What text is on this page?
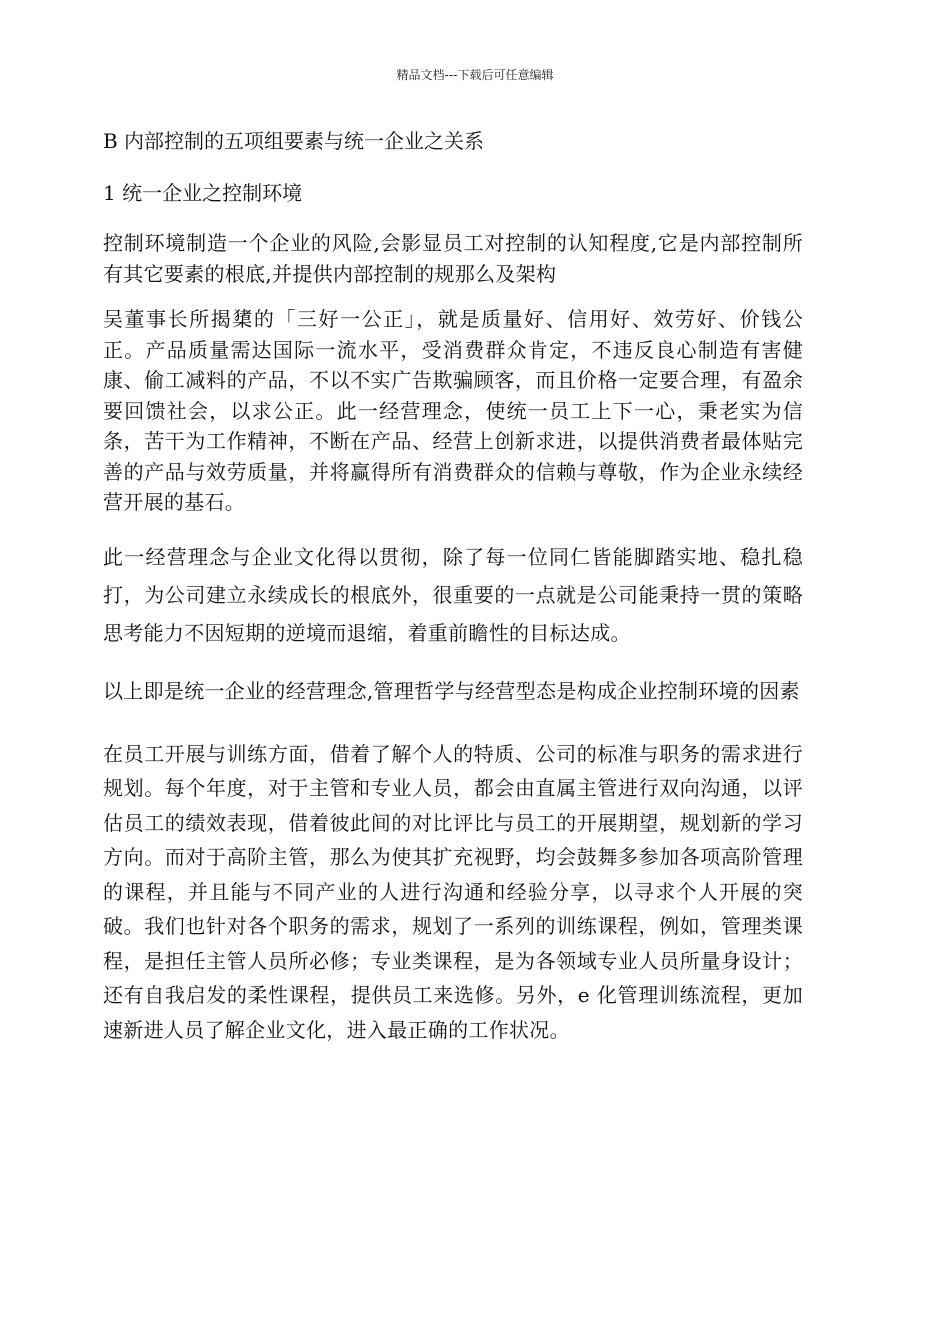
精品文档---下载后可任意编辑

B 内部控制的五项组要素与统一企业之关系

1 统一企业之控制环境

控制环境制造一个企业的风险,会影显员工对控制的认知程度,它是内部控制所有其它要素的根底,并提供内部控制的规那么及架构

吴董事长所揭橥的「三好一公正」，就是质量好、信用好、效劳好、价钱公正。产品质量需达国际一流水平，受消费群众肯定，不违反良心制造有害健康、偷工减料的产品，不以不实广告欺骗顾客，而且价格一定要合理，有盈余要回馈社会，以求公正。此一经营理念，使统一员工上下一心，秉老实为信条，苦干为工作精神，不断在产品、经营上创新求进，以提供消费者最体贴完善的产品与效劳质量，并将赢得所有消费群众的信赖与尊敬，作为企业永续经营开展的基石。

此一经营理念与企业文化得以贯彻，除了每一位同仁皆能脚踏实地、稳扎稳打，为公司建立永续成长的根底外，很重要的一点就是公司能秉持一贯的策略思考能力不因短期的逆境而退缩，着重前瞻性的目标达成。

以上即是统一企业的经营理念,管理哲学与经营型态是构成企业控制环境的因素

在员工开展与训练方面，借着了解个人的特质、公司的标准与职务的需求进行规划。每个年度，对于主管和专业人员，都会由直属主管进行双向沟通，以评估员工的绩效表现，借着彼此间的对比评比与员工的开展期望，规划新的学习方向。而对于高阶主管，那么为使其扩充视野，均会鼓舞多参加各项高阶管理的课程，并且能与不同产业的人进行沟通和经验分享，以寻求个人开展的突破。我们也针对各个职务的需求，规划了一系列的训练课程，例如，管理类课程，是担任主管人员所必修；专业类课程，是为各领域专业人员所量身设计；还有自我启发的柔性课程，提供员工来选修。另外，e 化管理训练流程，更加速新进人员了解企业文化，进入最正确的工作状况。
